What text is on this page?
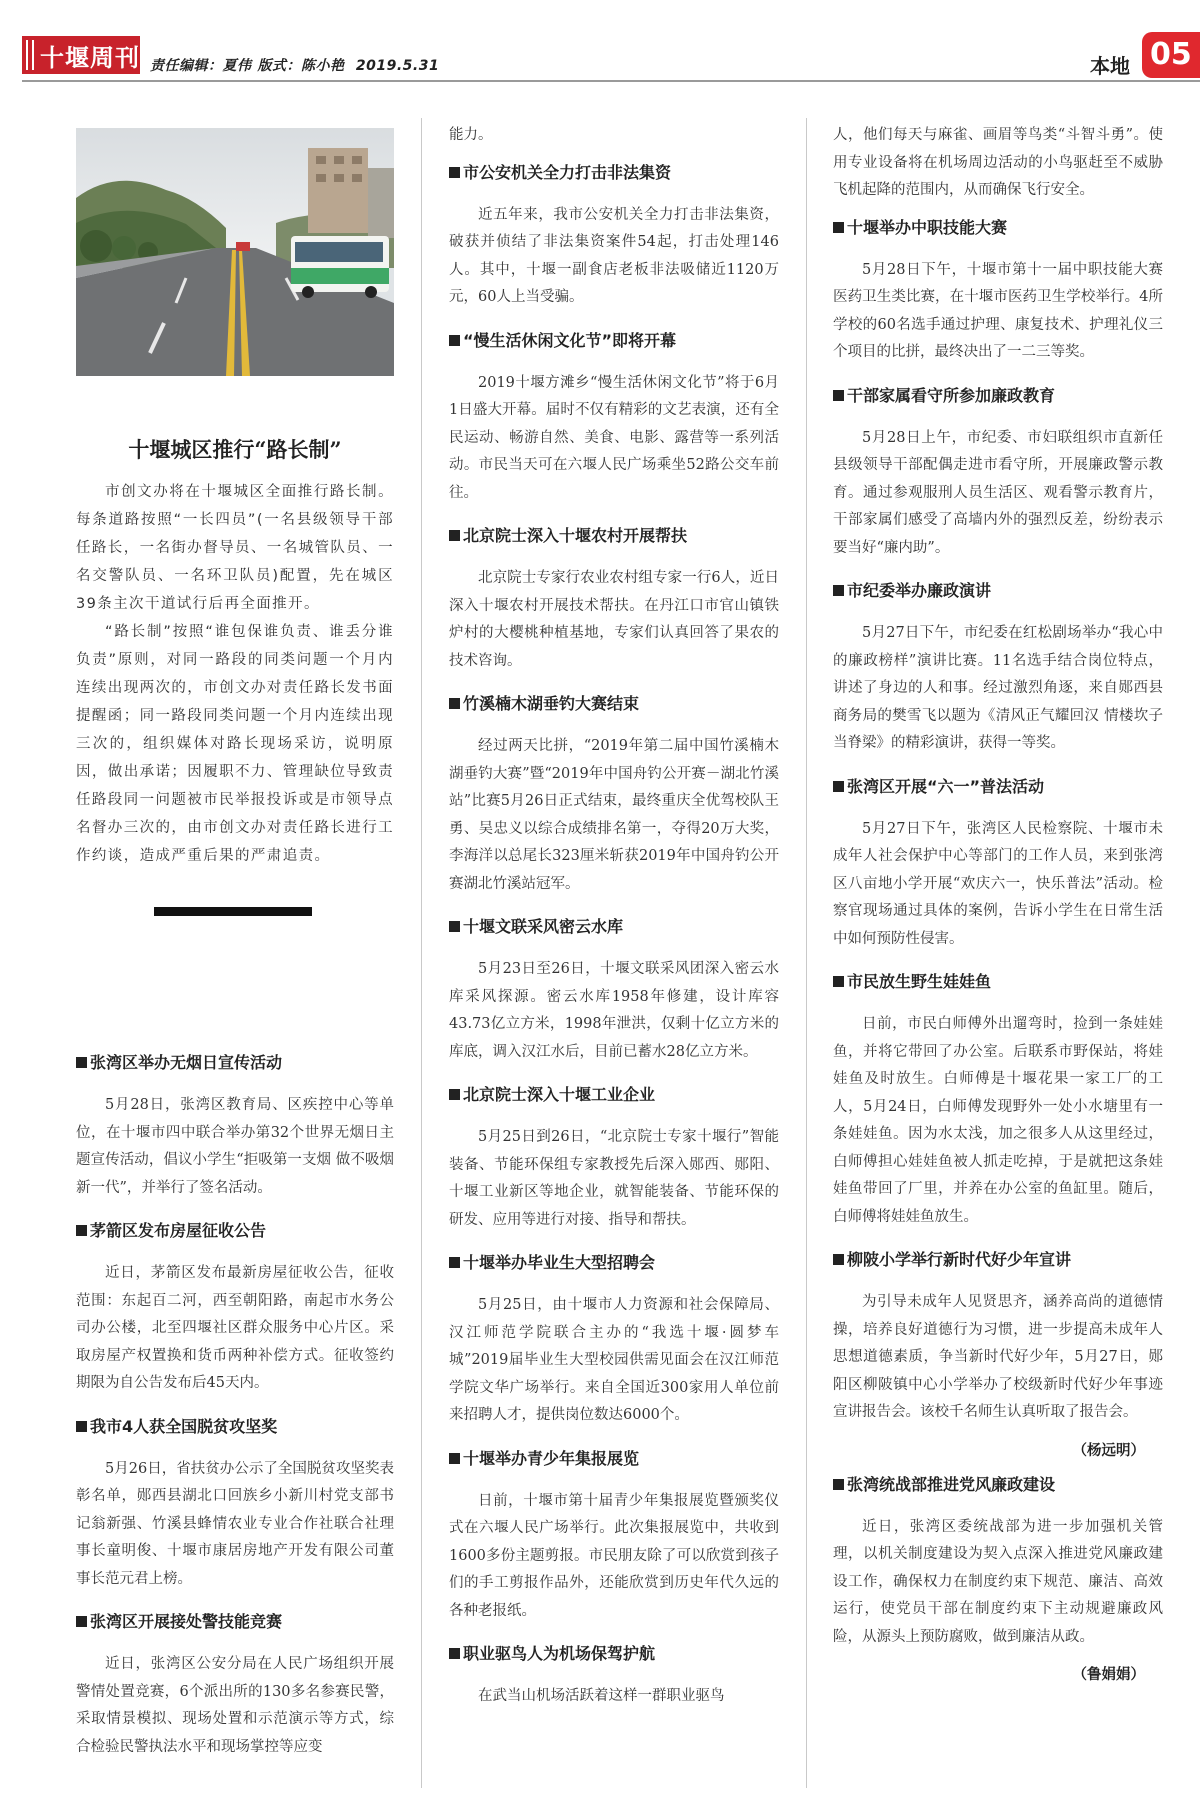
十堰周刊 责任编辑：夏伟 版式：陈小艳 2019.5.31	本地 05
十堰城区推行“路长制”

市创文办将在十堰城区全面推行路长制。每条道路按照“一长四员”(一名县级领导干部任路长，一名街办督导员、一名城管队员、一名交警队员、一名环卫队员)配置，先在城区39条主次干道试行后再全面推开。

“路长制”按照“谁包保谁负责、谁丢分谁负责”原则，对同一路段的同类问题一个月内连续出现两次的，市创文办对责任路长发书面提醒函；同一路段同类问题一个月内连续出现三次的，组织媒体对路长现场采访，说明原因，做出承诺；因履职不力、管理缺位导致责任路段同一问题被市民举报投诉或是市领导点名督办三次的，由市创文办对责任路长进行工作约谈，造成严重后果的严肃追责。

张湾区举办无烟日宣传活动
5月28日，张湾区教育局、区疾控中心等单位，在十堰市四中联合举办第32个世界无烟日主题宣传活动，倡议小学生“拒吸第一支烟 做不吸烟新一代”，并举行了签名活动。
茅箭区发布房屋征收公告
近日，茅箭区发布最新房屋征收公告，征收范围：东起百二河，西至朝阳路，南起市水务公司办公楼，北至四堰社区群众服务中心片区。采取房屋产权置换和货币两种补偿方式。征收签约期限为自公告发布后45天内。
我市4人获全国脱贫攻坚奖
5月26日，省扶贫办公示了全国脱贫攻坚奖表彰名单，郧西县湖北口回族乡小新川村党支部书记翁新强、竹溪县蜂情农业专业合作社联合社理事长童明俊、十堰市康居房地产开发有限公司董事长范元君上榜。
张湾区开展接处警技能竞赛
近日，张湾区公安分局在人民广场组织开展警情处置竞赛，6个派出所的130多名参赛民警，采取情景模拟、现场处置和示范演示等方式，综合检验民警执法水平和现场掌控等应变
能力。
市公安机关全力打击非法集资
近五年来，我市公安机关全力打击非法集资，破获并侦结了非法集资案件54起，打击处理146人。其中，十堰一副食店老板非法吸储近1120万元，60人上当受骗。
“慢生活休闲文化节”即将开幕
2019十堰方滩乡“慢生活休闲文化节”将于6月1日盛大开幕。届时不仅有精彩的文艺表演，还有全民运动、畅游自然、美食、电影、露营等一系列活动。市民当天可在六堰人民广场乘坐52路公交车前往。
北京院士深入十堰农村开展帮扶
北京院士专家行农业农村组专家一行6人，近日深入十堰农村开展技术帮扶。在丹江口市官山镇铁炉村的大樱桃种植基地，专家们认真回答了果农的技术咨询。
竹溪楠木湖垂钓大赛结束
经过两天比拼，“2019年第二届中国竹溪楠木湖垂钓大赛”暨“2019年中国舟钓公开赛－湖北竹溪站”比赛5月26日正式结束，最终重庆全优驾校队王勇、吴忠义以综合成绩排名第一，夺得20万大奖，李海洋以总尾长323厘米斩获2019年中国舟钓公开赛湖北竹溪站冠军。
十堰文联采风密云水库
5月23日至26日，十堰文联采风团深入密云水库采风探源。密云水库1958年修建，设计库容43.73亿立方米，1998年泄洪，仅剩十亿立方米的库底，调入汉江水后，目前已蓄水28亿立方米。
北京院士深入十堰工业企业
5月25日到26日，“北京院士专家十堰行”智能装备、节能环保组专家教授先后深入郧西、郧阳、十堰工业新区等地企业，就智能装备、节能环保的研发、应用等进行对接、指导和帮扶。
十堰举办毕业生大型招聘会
5月25日，由十堰市人力资源和社会保障局、汉江师范学院联合主办的“我选十堰·圆梦车城”2019届毕业生大型校园供需见面会在汉江师范学院文华广场举行。来自全国近300家用人单位前来招聘人才，提供岗位数达6000个。
十堰举办青少年集报展览
日前，十堰市第十届青少年集报展览暨颁奖仪式在六堰人民广场举行。此次集报展览中，共收到1600多份主题剪报。市民朋友除了可以欣赏到孩子们的手工剪报作品外，还能欣赏到历史年代久远的各种老报纸。
职业驱鸟人为机场保驾护航
在武当山机场活跃着这样一群职业驱鸟
人，他们每天与麻雀、画眉等鸟类“斗智斗勇”。使用专业设备将在机场周边活动的小鸟驱赶至不威胁飞机起降的范围内，从而确保飞行安全。
十堰举办中职技能大赛
5月28日下午，十堰市第十一届中职技能大赛医药卫生类比赛，在十堰市医药卫生学校举行。4所学校的60名选手通过护理、康复技术、护理礼仪三个项目的比拼，最终决出了一二三等奖。
干部家属看守所参加廉政教育
5月28日上午，市纪委、市妇联组织市直新任县级领导干部配偶走进市看守所，开展廉政警示教育。通过参观服刑人员生活区、观看警示教育片，干部家属们感受了高墙内外的强烈反差，纷纷表示要当好“廉内助”。
市纪委举办廉政演讲
5月27日下午，市纪委在红松剧场举办“我心中的廉政榜样”演讲比赛。11名选手结合岗位特点，讲述了身边的人和事。经过激烈角逐，来自郧西县商务局的樊雪飞以题为《清风正气耀回汉 情楼坎子当脊梁》的精彩演讲，获得一等奖。
张湾区开展“六一”普法活动
5月27日下午，张湾区人民检察院、十堰市未成年人社会保护中心等部门的工作人员，来到张湾区八亩地小学开展“欢庆六一，快乐普法”活动。检察官现场通过具体的案例，告诉小学生在日常生活中如何预防性侵害。
市民放生野生娃娃鱼
日前，市民白师傅外出遛弯时，捡到一条娃娃鱼，并将它带回了办公室。后联系市野保站，将娃娃鱼及时放生。白师傅是十堰花果一家工厂的工人，5月24日，白师傅发现野外一处小水塘里有一条娃娃鱼。因为水太浅，加之很多人从这里经过，白师傅担心娃娃鱼被人抓走吃掉，于是就把这条娃娃鱼带回了厂里，并养在办公室的鱼缸里。随后，白师傅将娃娃鱼放生。
柳陂小学举行新时代好少年宣讲
为引导未成年人见贤思齐，涵养高尚的道德情操，培养良好道德行为习惯，进一步提高未成年人思想道德素质，争当新时代好少年，5月27日，郧阳区柳陂镇中心小学举办了校级新时代好少年事迹宣讲报告会。该校千名师生认真听取了报告会。
（杨远明）
张湾统战部推进党风廉政建设
近日，张湾区委统战部为进一步加强机关管理，以机关制度建设为契入点深入推进党风廉政建设工作，确保权力在制度约束下规范、廉洁、高效运行，使党员干部在制度约束下主动规避廉政风险，从源头上预防腐败，做到廉洁从政。
（鲁娟娟）
